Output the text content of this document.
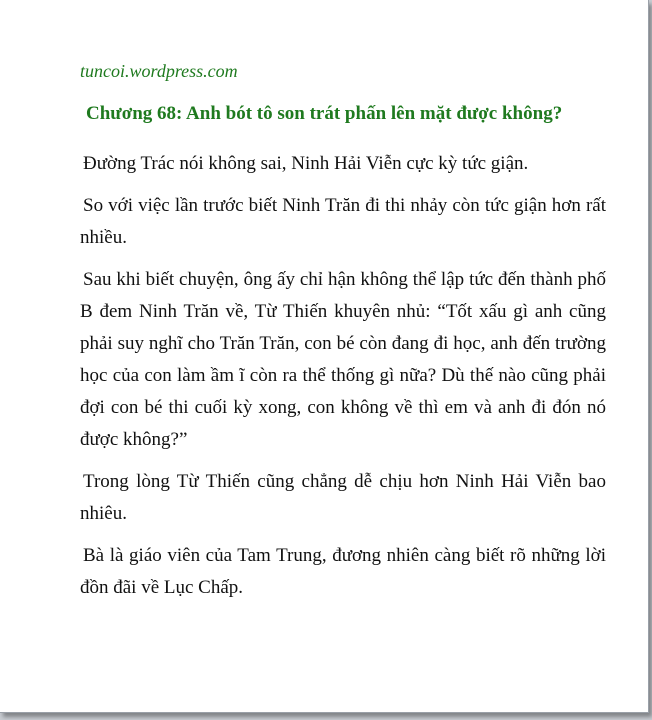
tuncoi.wordpress.com
Chương 68: Anh bót tô son trát phấn lên mặt được không?

Đường Trác nói không sai, Ninh Hải Viễn cực kỳ tức giận.

So với việc lần trước biết Ninh Trăn đi thi nhảy còn tức giận hơn rất nhiều.

Sau khi biết chuyện, ông ấy chỉ hận không thể lập tức đến thành phố B đem Ninh Trăn về, Từ Thiến khuyên nhủ: “Tốt xấu gì anh cũng phải suy nghĩ cho Trăn Trăn, con bé còn đang đi học, anh đến trường học của con làm ầm ĩ còn ra thể thống gì nữa? Dù thế nào cũng phải đợi con bé thi cuối kỳ xong, con không về thì em và anh đi đón nó được không?”

Trong lòng Từ Thiến cũng chẳng dễ chịu hơn Ninh Hải Viễn bao nhiêu.

Bà là giáo viên của Tam Trung, đương nhiên càng biết rõ những lời đồn đãi về Lục Chấp.
